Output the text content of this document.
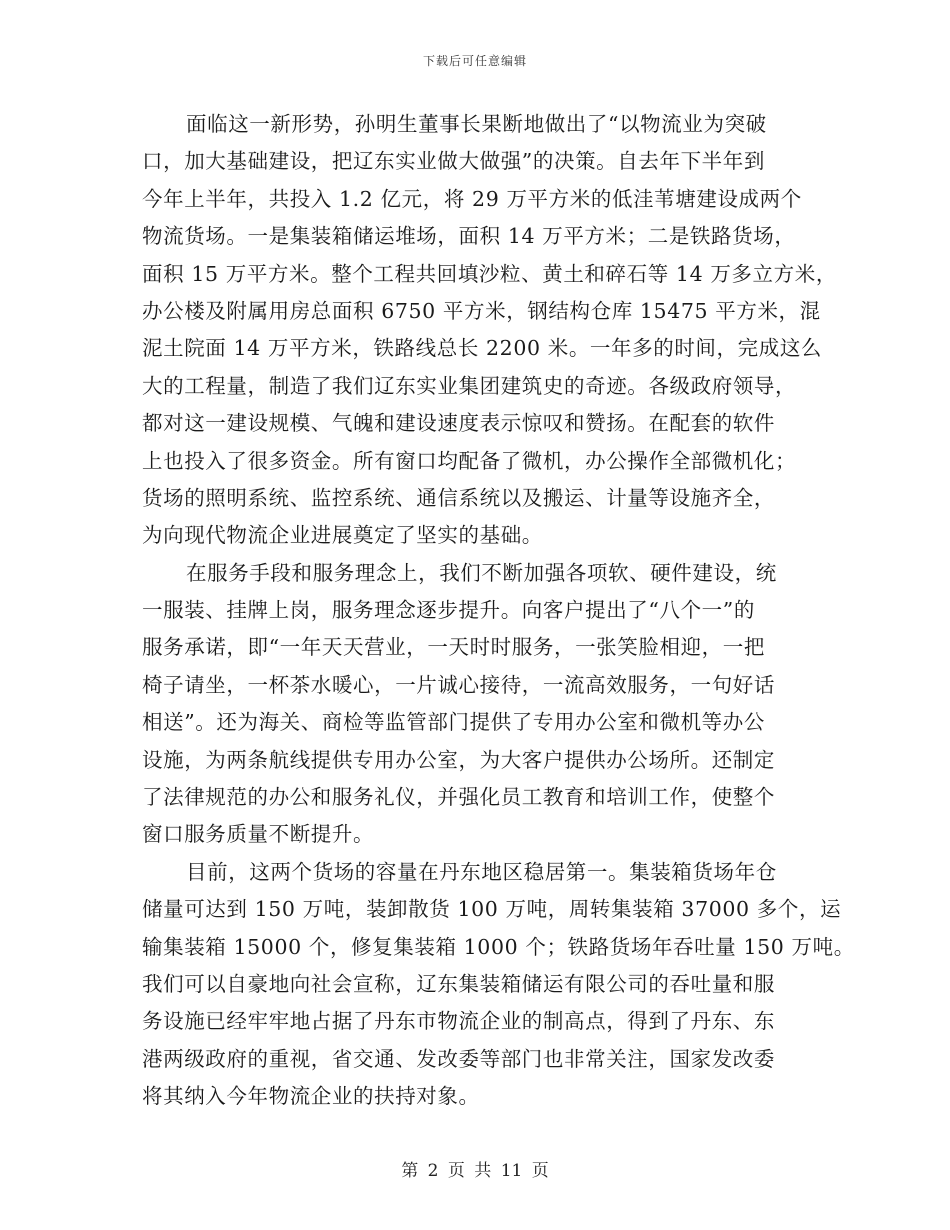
下载后可任意编辑
面临这一新形势，孙明生董事长果断地做出了“以物流业为突破
口，加大基础建设，把辽东实业做大做强”的决策。自去年下半年到
今年上半年，共投入 1.2 亿元，将 29 万平方米的低洼苇塘建设成两个
物流货场。一是集装箱储运堆场，面积 14 万平方米；二是铁路货场，
面积 15 万平方米。整个工程共回填沙粒、黄土和碎石等 14 万多立方米，
办公楼及附属用房总面积 6750 平方米，钢结构仓库 15475 平方米，混
泥土院面 14 万平方米，铁路线总长 2200 米。一年多的时间，完成这么
大的工程量，制造了我们辽东实业集团建筑史的奇迹。各级政府领导，
都对这一建设规模、气魄和建设速度表示惊叹和赞扬。在配套的软件
上也投入了很多资金。所有窗口均配备了微机，办公操作全部微机化；
货场的照明系统、监控系统、通信系统以及搬运、计量等设施齐全，
为向现代物流企业进展奠定了坚实的基础。
在服务手段和服务理念上，我们不断加强各项软、硬件建设，统
一服装、挂牌上岗，服务理念逐步提升。向客户提出了“八个一”的
服务承诺，即“一年天天营业，一天时时服务，一张笑脸相迎，一把
椅子请坐，一杯茶水暖心，一片诚心接待，一流高效服务，一句好话
相送”。还为海关、商检等监管部门提供了专用办公室和微机等办公
设施，为两条航线提供专用办公室，为大客户提供办公场所。还制定
了法律规范的办公和服务礼仪，并强化员工教育和培训工作，使整个
窗口服务质量不断提升。
目前，这两个货场的容量在丹东地区稳居第一。集装箱货场年仓
储量可达到 150 万吨，装卸散货 100 万吨，周转集装箱 37000 多个，运
输集装箱 15000 个，修复集装箱 1000 个；铁路货场年吞吐量 150 万吨。
我们可以自豪地向社会宣称，辽东集装箱储运有限公司的吞吐量和服
务设施已经牢牢地占据了丹东市物流企业的制高点，得到了丹东、东
港两级政府的重视，省交通、发改委等部门也非常关注，国家发改委
将其纳入今年物流企业的扶持对象。
第 2 页 共 11 页
